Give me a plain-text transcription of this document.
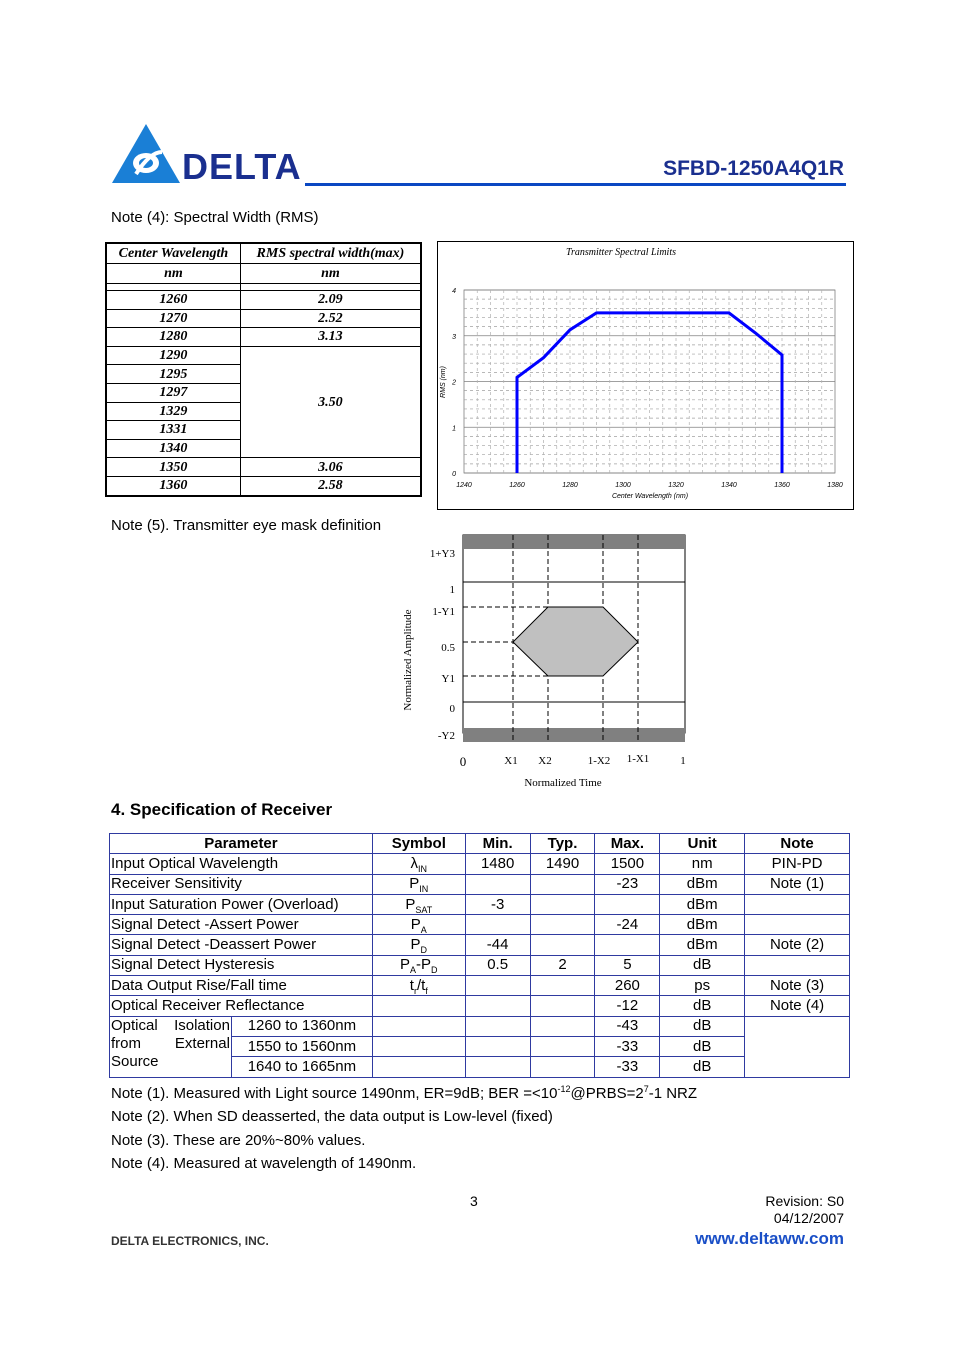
DELTA	SFBD-1250A4Q1R
Note (4): Spectral Width (RMS)
Center Wavelength	RMS spectral width(max)
nm	nm

1260	2.09
1270	2.52
1280	3.13
1290	3.50
1295	
1297	
1329	
1331	
1340	
1350	3.06
1360	2.58
Transmitter Spectral Limits
RMS (nm)
Center Wavelength (nm)
0
1
2
3
4
1240	1260	1280	1300	1320	1340	1360	1380
Note (5). Transmitter eye mask definition
1+Y3
1
1-Y1
0.5
Y1
0
-Y2
0	X1 X2	1-X2 1-X1	1
Normalized Amplitude
Normalized Time
4. Specification of Receiver
Parameter		Symbol	Min.	Typ.	Max.	Unit	Note
Input Optical Wavelength		$\lambda_{IN}$	1480	1490	1500	nm	PIN-PD
Receiver Sensitivity		$P_{IN}$			-23	dBm	Note (1)
Input Saturation Power (Overload)		$P_{SAT}$	-3			dBm	
Signal Detect -Assert Power		$P_A$			-24	dBm	
Signal Detect -Deassert Power		$P_D$	-44			dBm	Note (2)
Signal Detect Hysteresis		$P_A-P_D$	0.5	2	5	dB	
Data Output Rise/Fall time		$t_r/t_f$			260	ps	Note (3)
Optical Receiver Reflectance					-12	dB	Note (4)

Optical Isolation
from External
Source	1260 to 1360nm				-43	dB	
	1550 to 1560nm				-33	dB	
	1640 to 1665nm				-33	dB	
Note (1). Measured with Light source 1490nm, ER=9dB; BER $=<10^{-12}@PRBS=2^7-1$ NRZ
Note (2). When SD deasserted, the data output is Low-level (fixed)
Note (3). These are 20%~80% values.
Note (4). Measured at wavelength of 1490nm.
3	Revision: S0
04/12/2007
DELTA ELECTRONICS, INC.	www.deltaww.com
